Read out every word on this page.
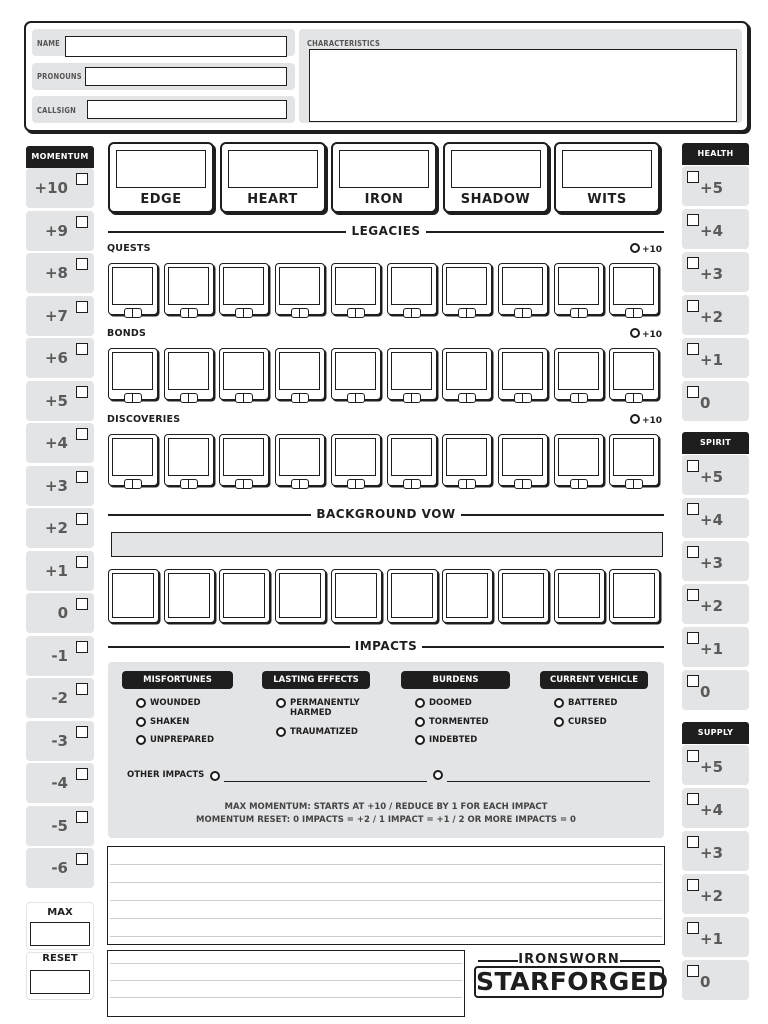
NAME
PRONOUNS
CALLSIGN
CHARACTERISTICS
MOMENTUM
+10
+9
+8
+7
+6
+5
+4
+3
+2
+1
0
-1
-2
-3
-4
-5
-6
MAX
RESET
EDGE	HEART	IRON	SHADOW	WITS
LEGACIES
QUESTS	+10
BONDS	+10
DISCOVERIES	+10
BACKGROUND VOW
IMPACTS
MISFORTUNES
WOUNDED
SHAKEN
UNPREPARED
LASTING EFFECTS
PERMANENTLY HARMED
TRAUMATIZED
BURDENS
DOOMED
TORMENTED
INDEBTED
CURRENT VEHICLE
BATTERED
CURSED
OTHER IMPACTS
MAX MOMENTUM: STARTS AT +10 / REDUCE BY 1 FOR EACH IMPACT
MOMENTUM RESET: 0 IMPACTS = +2 / 1 IMPACT = +1 / 2 OR MORE IMPACTS = 0
IRONSWORN
STARFORGED
HEALTH
+5
+4
+3
+2
+1
0
SPIRIT
+5
+4
+3
+2
+1
0
SUPPLY
+5
+4
+3
+2
+1
0
